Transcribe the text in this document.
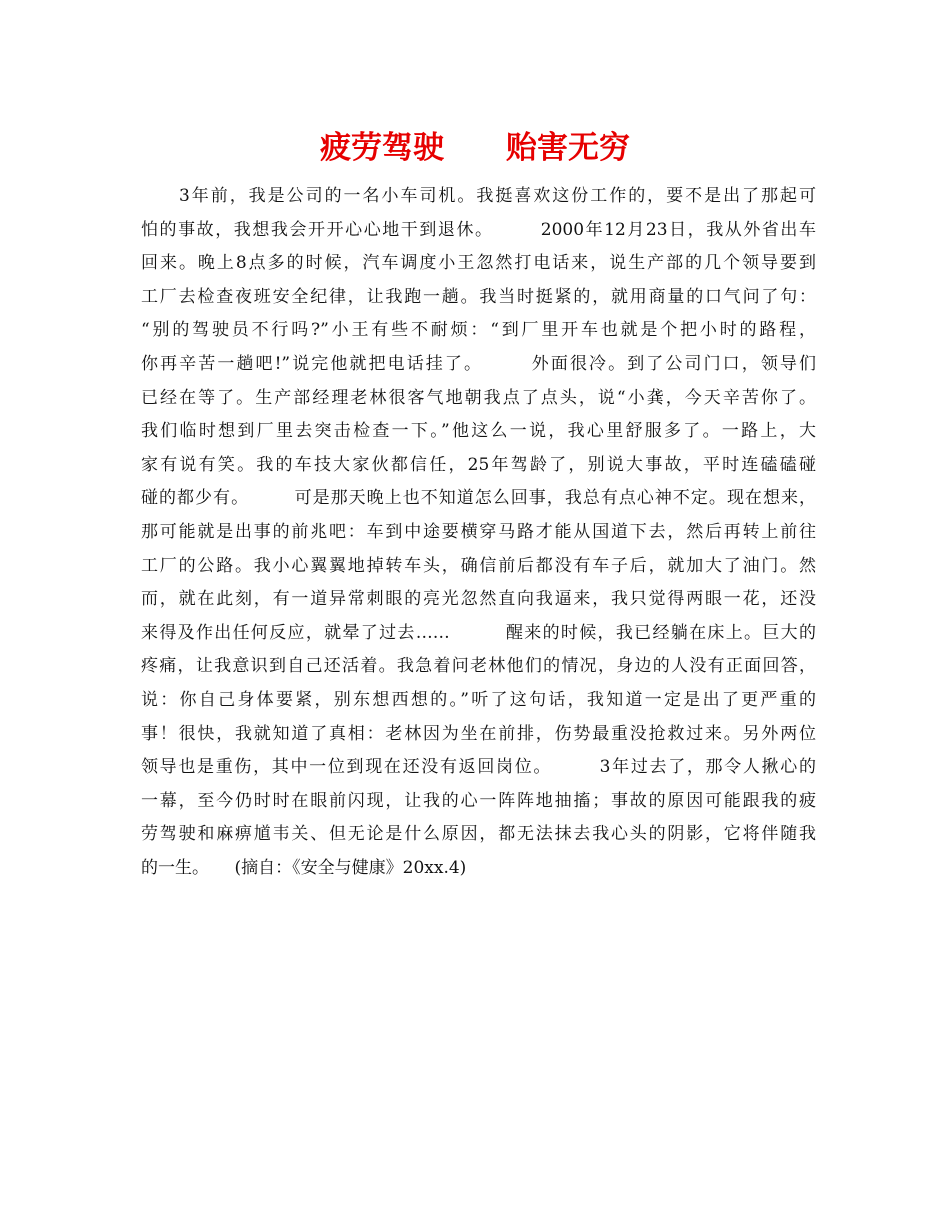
疲劳驾驶　　贻害无穷
　　3年前，我是公司的一名小车司机。我挺喜欢这份工作的，要不是出了那起可
怕的事故，我想我会开开心心地干到退休。　　　2000年12月23日，我从外省出车
回来。晚上8点多的时候，汽车调度小王忽然打电话来，说生产部的几个领导要到
工厂去检查夜班安全纪律，让我跑一趟。我当时挺紧的，就用商量的口气问了句：
“别的驾驶员不行吗?”小王有些不耐烦：“到厂里开车也就是个把小时的路程，
你再辛苦一趟吧!”说完他就把电话挂了。　　　外面很冷。到了公司门口，领导们
已经在等了。生产部经理老林很客气地朝我点了点头，说“小龚，今天辛苦你了。
我们临时想到厂里去突击检查一下。”他这么一说，我心里舒服多了。一路上，大
家有说有笑。我的车技大家伙都信任，25年驾龄了，别说大事故，平时连磕磕碰
碰的都少有。　　　可是那天晚上也不知道怎么回事，我总有点心神不定。现在想来，
那可能就是出事的前兆吧：车到中途要横穿马路才能从国道下去，然后再转上前往
工厂的公路。我小心翼翼地掉转车头，确信前后都没有车子后，就加大了油门。然
而，就在此刻，有一道异常刺眼的亮光忽然直向我逼来，我只觉得两眼一花，还没
来得及作出任何反应，就晕了过去……　　　醒来的时候，我已经躺在床上。巨大的
疼痛，让我意识到自己还活着。我急着问老林他们的情况，身边的人没有正面回答，
说：你自己身体要紧，别东想西想的。”听了这句话，我知道一定是出了更严重的
事！很快，我就知道了真相：老林因为坐在前排，伤势最重没抢救过来。另外两位
领导也是重伤，其中一位到现在还没有返回岗位。　　　3年过去了，那令人揪心的
一幕，至今仍时时在眼前闪现，让我的心一阵阵地抽搐；事故的原因可能跟我的疲
劳驾驶和麻痹馗韦关、但无论是什么原因，都无法抹去我心头的阴影，它将伴随我
的一生。　　(摘自：《安全与健康》20xx.4)
